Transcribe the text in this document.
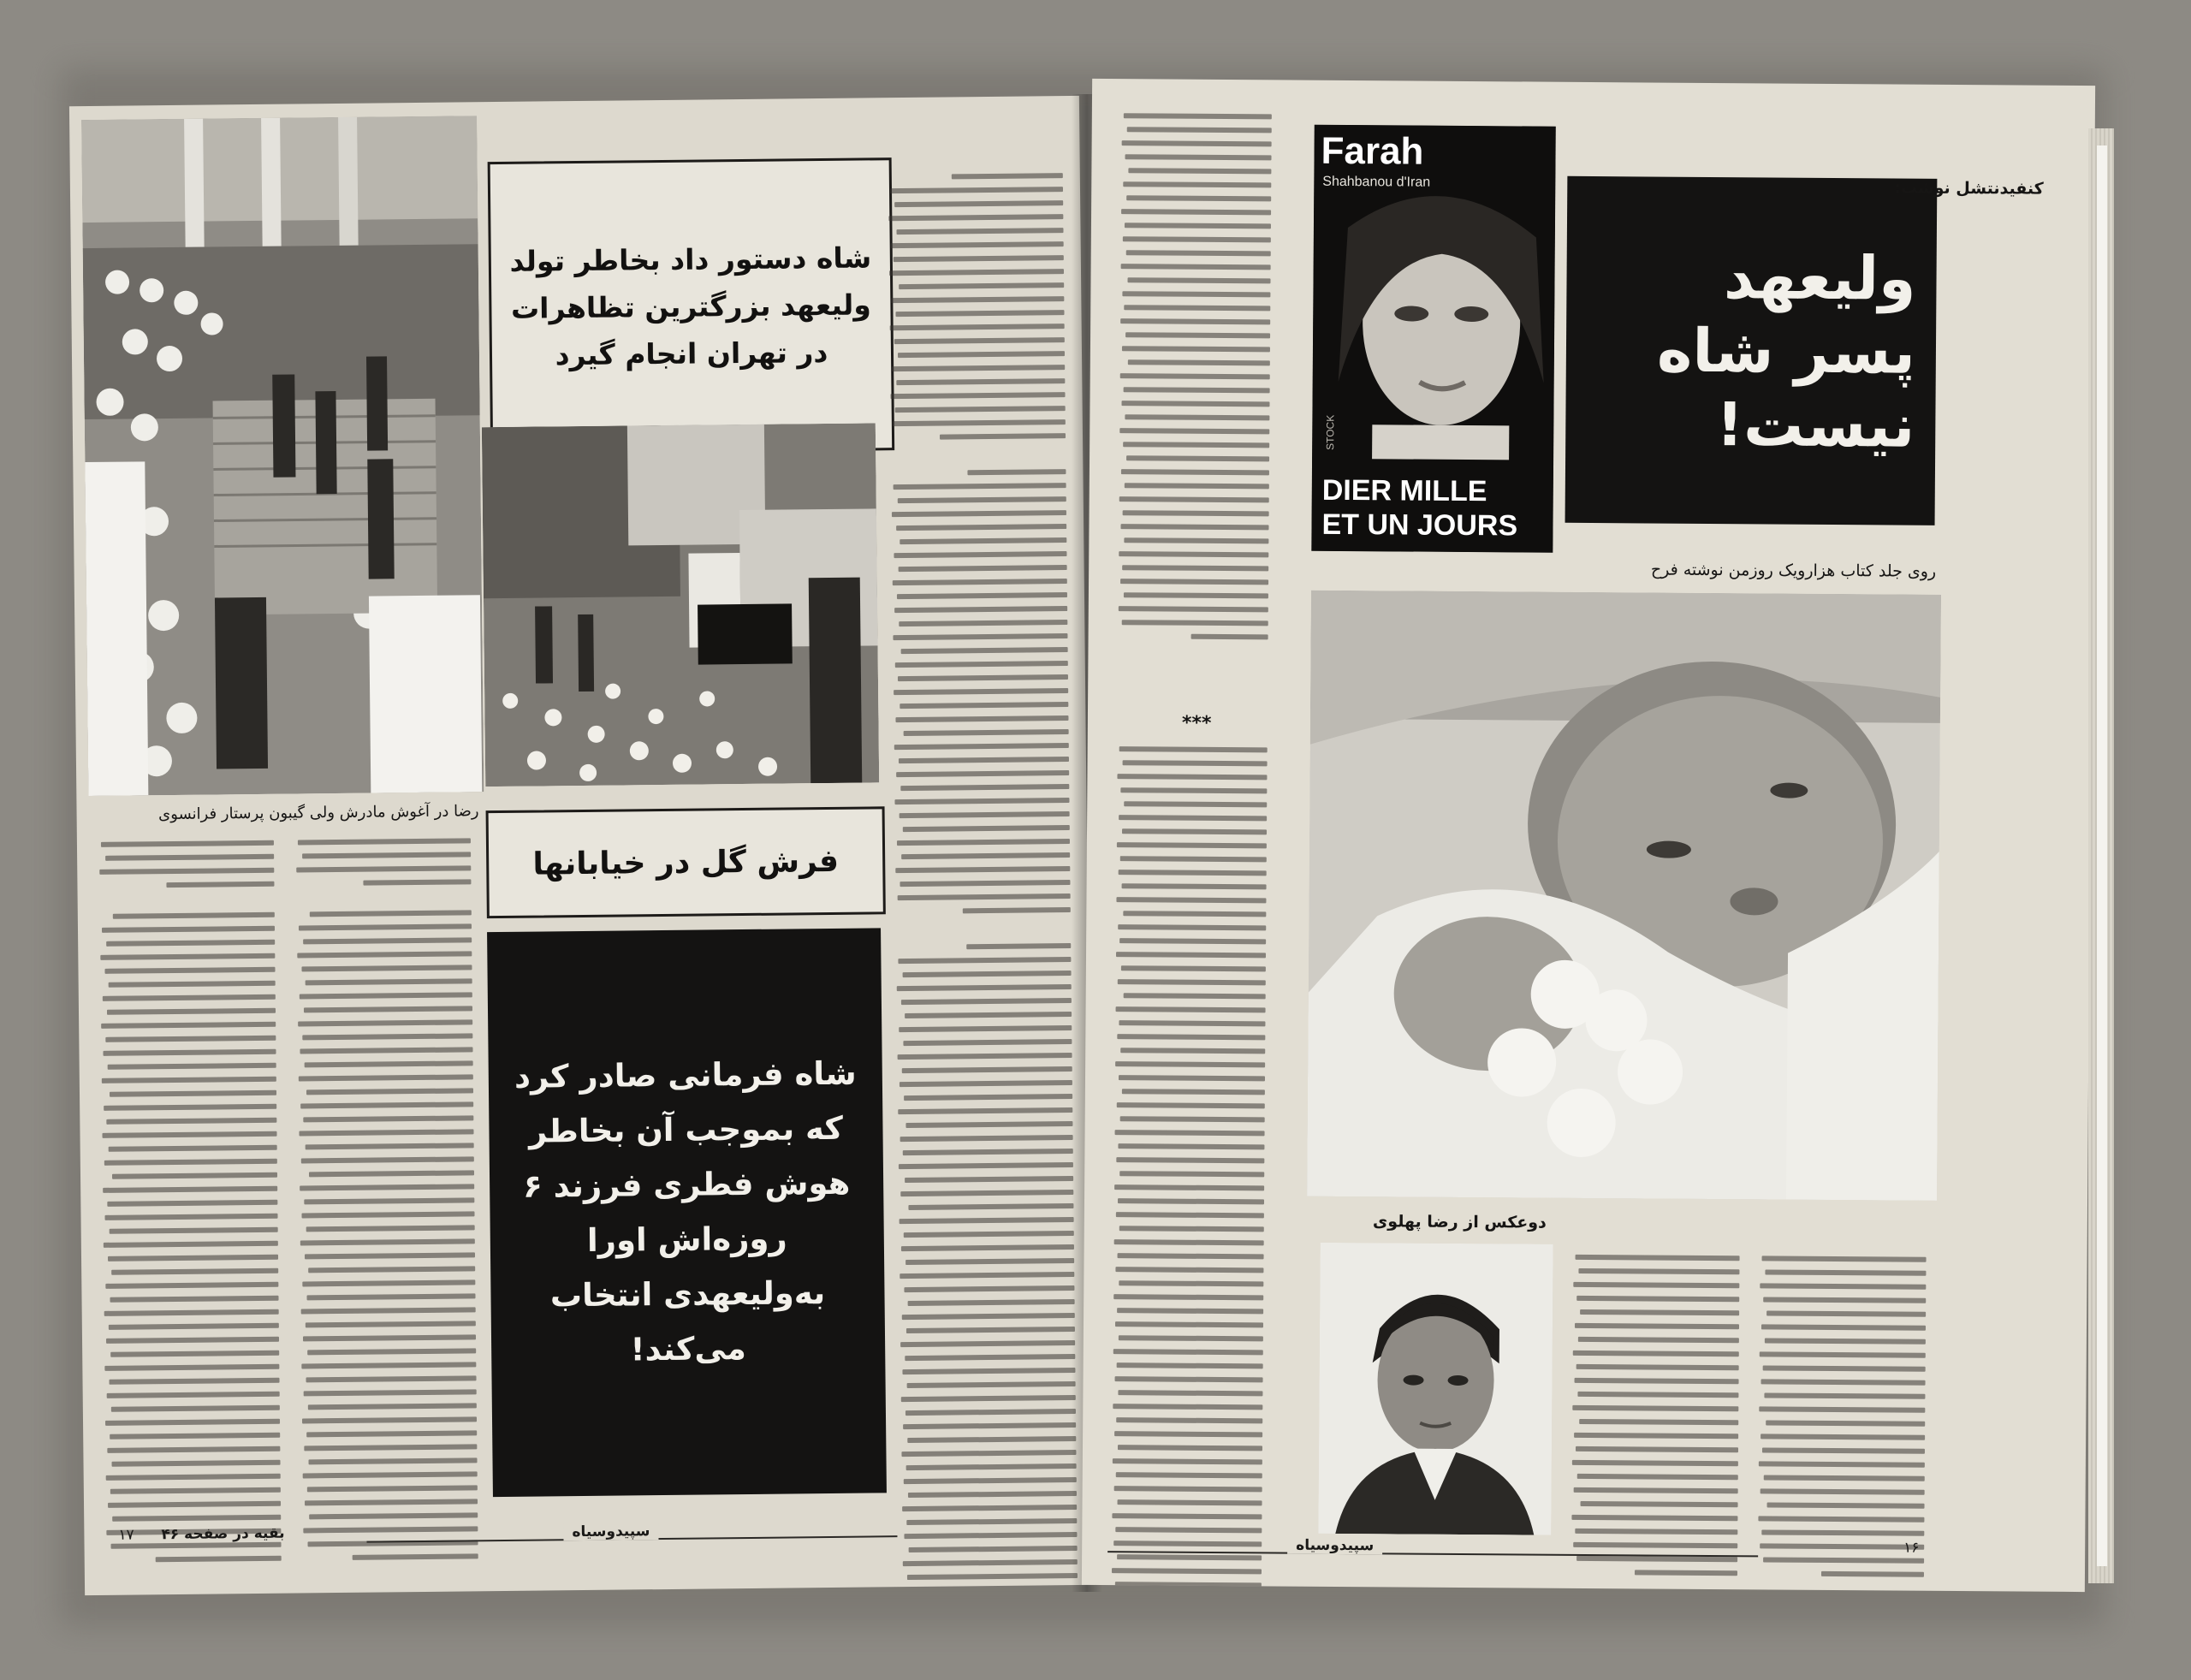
شاه دستور داد بخاطر تولد ولیعهد بزرگترین تظاهرات در تهران انجام گیرد
رضا در آغوش مادرش ولی گیبون پرستار فرانسوی
فرش گل در خیابانها
شاه فرمانی صادر کرد که بموجب آن بخاطر هوش فطری فرزند ۶ روزه‌اش اورا به‌ولیعهدی انتخاب می‌کند!
۱۷ بقیه در صفحه ۴۶	سپیدوسیاه
***
Farah
Shahbanou d'Iran
STOCK
DIER MILLE
ET UN JOURS
ولیعهد پسر شاه نیست!
کنفیدنتشل نوشت:
روی جلد کتاب هزارویک روزمن نوشته فرح
دوعکس از رضا پهلوی
سپیدوسیاه	۱۶
